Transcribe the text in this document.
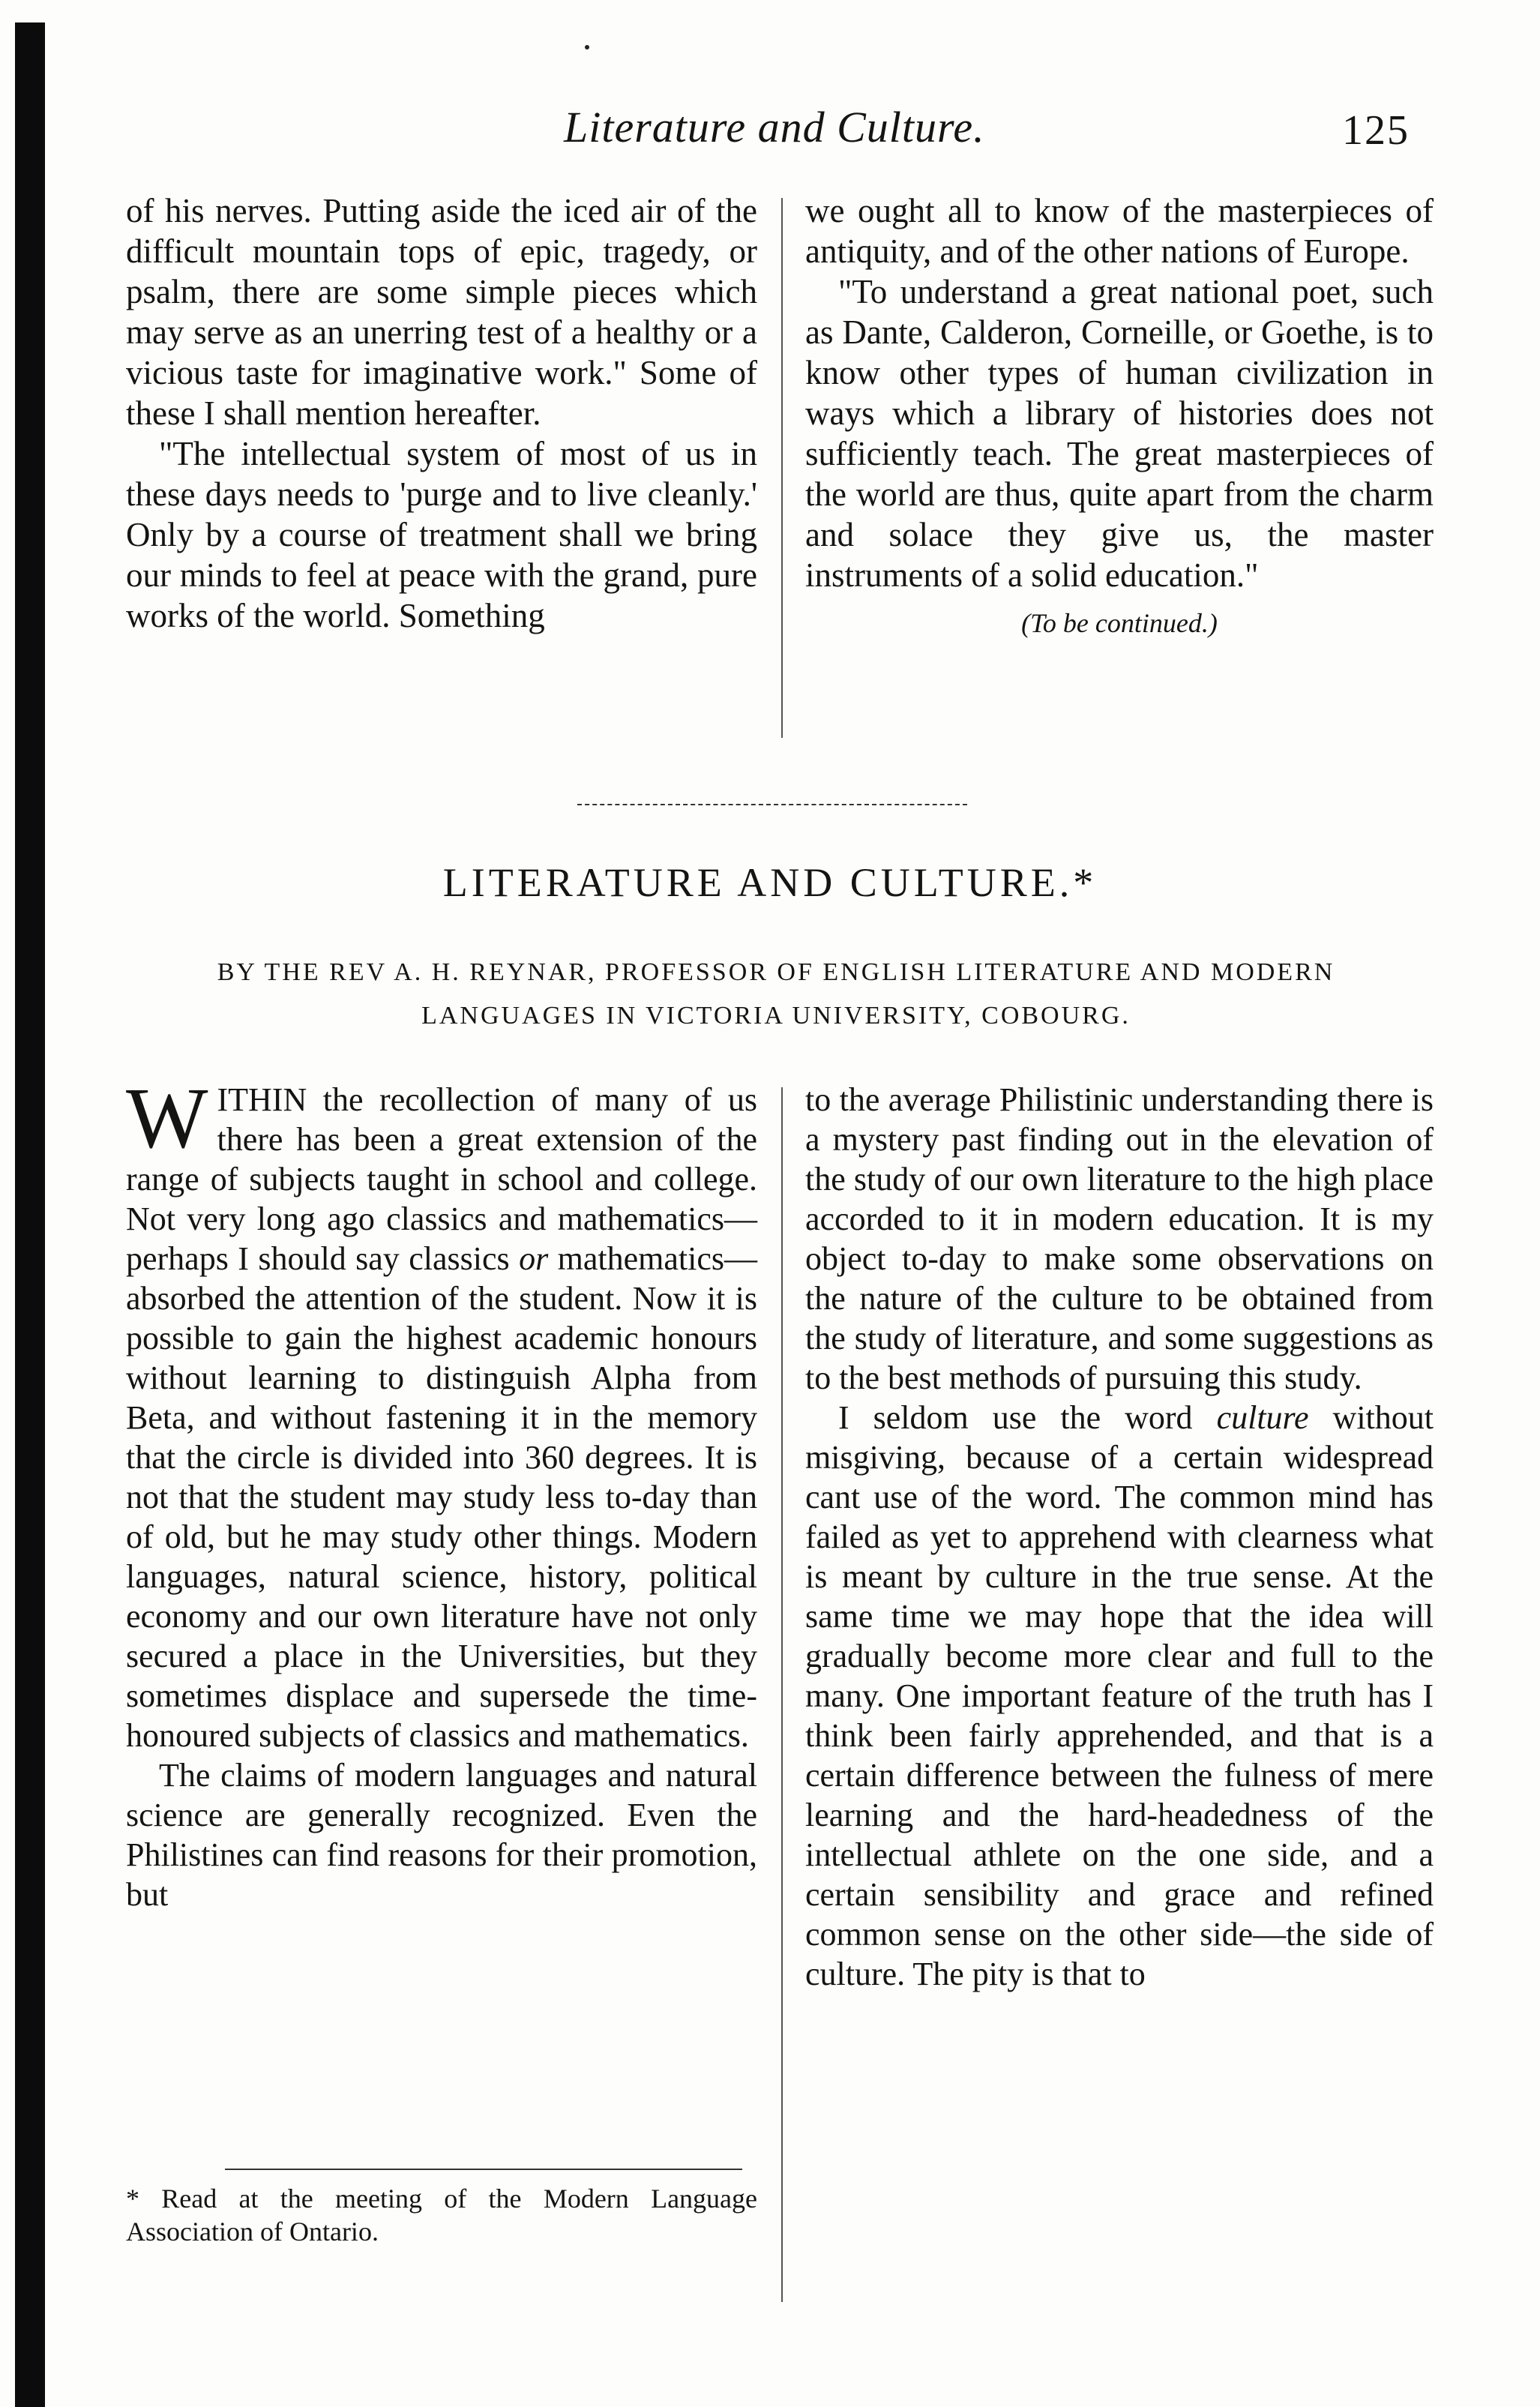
Literature and Culture.	125

of his nerves. Putting aside the iced air of the difficult mountain tops of epic, tragedy, or psalm, there are some simple pieces which may serve as an unerring test of a healthy or a vicious taste for imaginative work." Some of these I shall mention hereafter.

"The intellectual system of most of us in these days needs to 'purge and to live cleanly.' Only by a course of treatment shall we bring our minds to feel at peace with the grand, pure works of the world. Something

we ought all to know of the masterpieces of antiquity, and of the other nations of Europe.

"To understand a great national poet, such as Dante, Calderon, Corneille, or Goethe, is to know other types of human civilization in ways which a library of histories does not sufficiently teach. The great masterpieces of the world are thus, quite apart from the charm and solace they give us, the master instruments of a solid education."

(To be continued.)
LITERATURE AND CULTURE.*
BY THE REV A. H. REYNAR, PROFESSOR OF ENGLISH LITERATURE AND MODERN
LANGUAGES IN VICTORIA UNIVERSITY, COBOURG.

WITHIN the recollection of many of us there has been a great extension of the range of subjects taught in school and college. Not very long ago classics and mathematics—perhaps I should say classics or mathematics—absorbed the attention of the student. Now it is possible to gain the highest academic honours without learning to distinguish Alpha from Beta, and without fastening it in the memory that the circle is divided into 360 degrees. It is not that the student may study less to-day than of old, but he may study other things. Modern languages, natural science, history, political economy and our own literature have not only secured a place in the Universities, but they sometimes displace and supersede the time-honoured subjects of classics and mathematics.

The claims of modern languages and natural science are generally recognized. Even the Philistines can find reasons for their promotion, but

to the average Philistinic understanding there is a mystery past finding out in the elevation of the study of our own literature to the high place accorded to it in modern education. It is my object to-day to make some observations on the nature of the culture to be obtained from the study of literature, and some suggestions as to the best methods of pursuing this study.

I seldom use the word culture without misgiving, because of a certain widespread cant use of the word. The common mind has failed as yet to apprehend with clearness what is meant by culture in the true sense. At the same time we may hope that the idea will gradually become more clear and full to the many. One important feature of the truth has I think been fairly apprehended, and that is a certain difference between the fulness of mere learning and the hard-headedness of the intellectual athlete on the one side, and a certain sensibility and grace and refined common sense on the other side—the side of culture. The pity is that to

* Read at the meeting of the Modern Language Association of Ontario.
